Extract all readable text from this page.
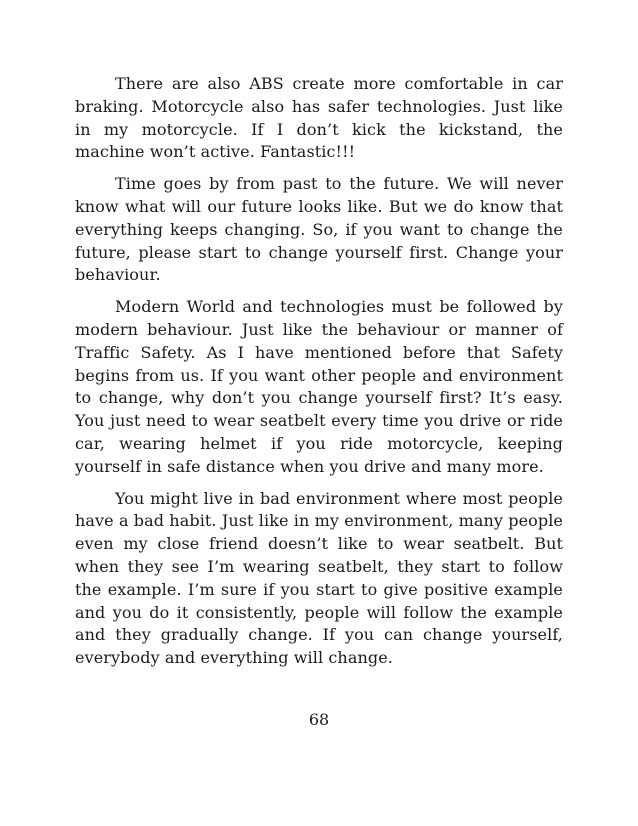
There are also ABS create more comfortable in car braking. Motorcycle also has safer technologies. Just like in my motorcycle. If I don’t kick the kickstand, the machine won’t active. Fantastic!!!

Time goes by from past to the future. We will never know what will our future looks like. But we do know that everything keeps changing. So, if you want to change the future, please start to change yourself first. Change your behaviour.

Modern World and technologies must be followed by modern behaviour. Just like the behaviour or manner of Traffic Safety. As I have mentioned before that Safety begins from us. If you want other people and environment to change, why don’t you change yourself first? It’s easy. You just need to wear seatbelt every time you drive or ride car, wearing helmet if you ride motorcycle, keeping yourself in safe distance when you drive and many more.

You might live in bad environment where most people have a bad habit. Just like in my environment, many people even my close friend doesn’t like to wear seatbelt. But when they see I’m wearing seatbelt, they start to follow the example. I’m sure if you start to give positive example and you do it consistently, people will follow the example and they gradually change. If you can change yourself, everybody and everything will change.

68
